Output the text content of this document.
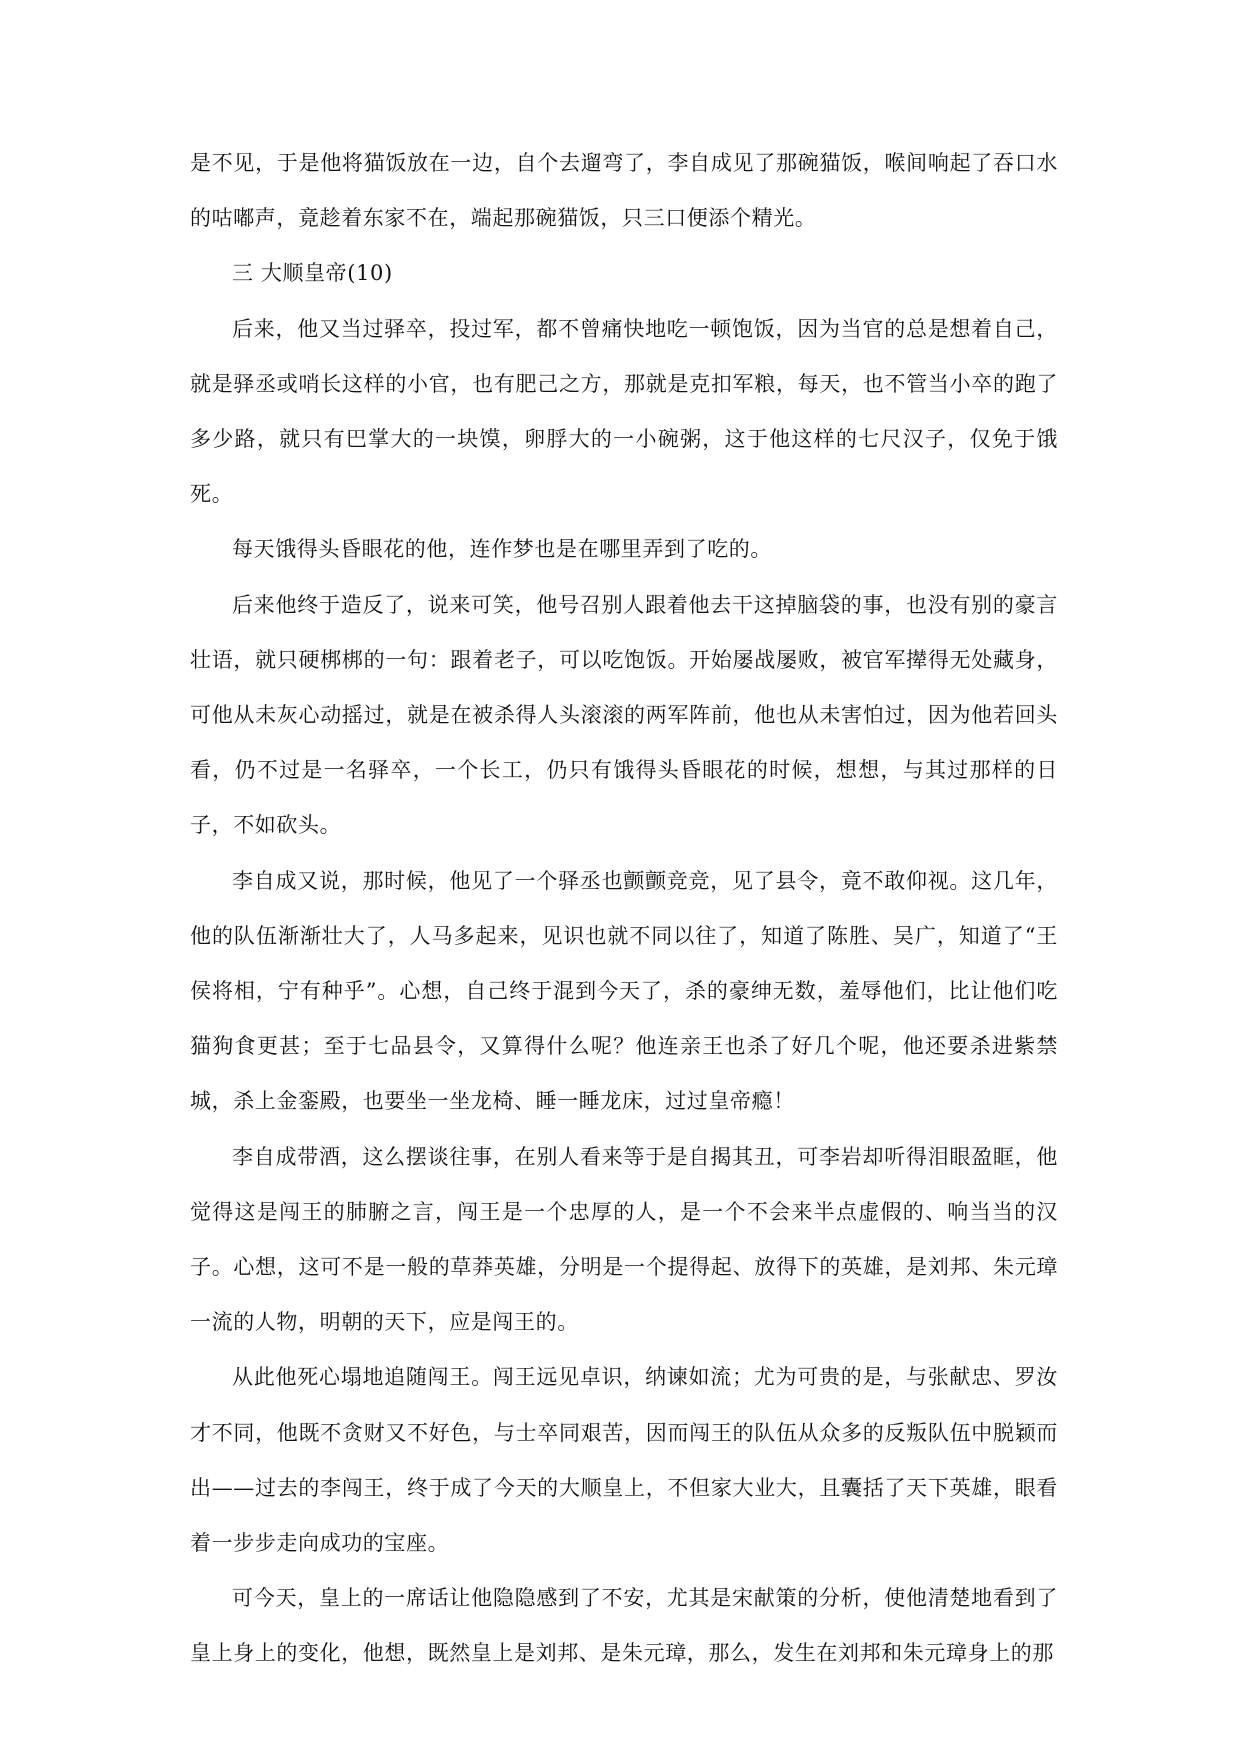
是不见，于是他将猫饭放在一边，自个去遛弯了，李自成见了那碗猫饭，喉间响起了吞口水的咕嘟声，竟趁着东家不在，端起那碗猫饭，只三口便添个精光。

三 大顺皇帝(10)

后来，他又当过驿卒，投过军，都不曾痛快地吃一顿饱饭，因为当官的总是想着自己，就是驿丞或哨长这样的小官，也有肥己之方，那就是克扣军粮，每天，也不管当小卒的跑了多少路，就只有巴掌大的一块馍，卵脬大的一小碗粥，这于他这样的七尺汉子，仅免于饿死。

每天饿得头昏眼花的他，连作梦也是在哪里弄到了吃的。

后来他终于造反了，说来可笑，他号召别人跟着他去干这掉脑袋的事，也没有别的豪言壮语，就只硬梆梆的一句：跟着老子，可以吃饱饭。开始屡战屡败，被官军撵得无处藏身，可他从未灰心动摇过，就是在被杀得人头滚滚的两军阵前，他也从未害怕过，因为他若回头看，仍不过是一名驿卒，一个长工，仍只有饿得头昏眼花的时候，想想，与其过那样的日子，不如砍头。

李自成又说，那时候，他见了一个驿丞也颤颤竞竞，见了县令，竟不敢仰视。这几年，他的队伍渐渐壮大了，人马多起来，见识也就不同以往了，知道了陈胜、吴广，知道了“王侯将相，宁有种乎”。心想，自己终于混到今天了，杀的豪绅无数，羞辱他们，比让他们吃猫狗食更甚；至于七品县令，又算得什么呢？他连亲王也杀了好几个呢，他还要杀进紫禁城，杀上金銮殿，也要坐一坐龙椅、睡一睡龙床，过过皇帝瘾！

李自成带酒，这么摆谈往事，在别人看来等于是自揭其丑，可李岩却听得泪眼盈眶，他觉得这是闯王的肺腑之言，闯王是一个忠厚的人，是一个不会来半点虚假的、响当当的汉子。心想，这可不是一般的草莽英雄，分明是一个提得起、放得下的英雄，是刘邦、朱元璋一流的人物，明朝的天下，应是闯王的。

从此他死心塌地追随闯王。闯王远见卓识，纳谏如流；尤为可贵的是，与张献忠、罗汝才不同，他既不贪财又不好色，与士卒同艰苦，因而闯王的队伍从众多的反叛队伍中脱颖而出——过去的李闯王，终于成了今天的大顺皇上，不但家大业大，且囊括了天下英雄，眼看着一步步走向成功的宝座。

可今天，皇上的一席话让他隐隐感到了不安，尤其是宋献策的分析，使他清楚地看到了皇上身上的变化，他想，既然皇上是刘邦、是朱元璋，那么，发生在刘邦和朱元璋身上的那
